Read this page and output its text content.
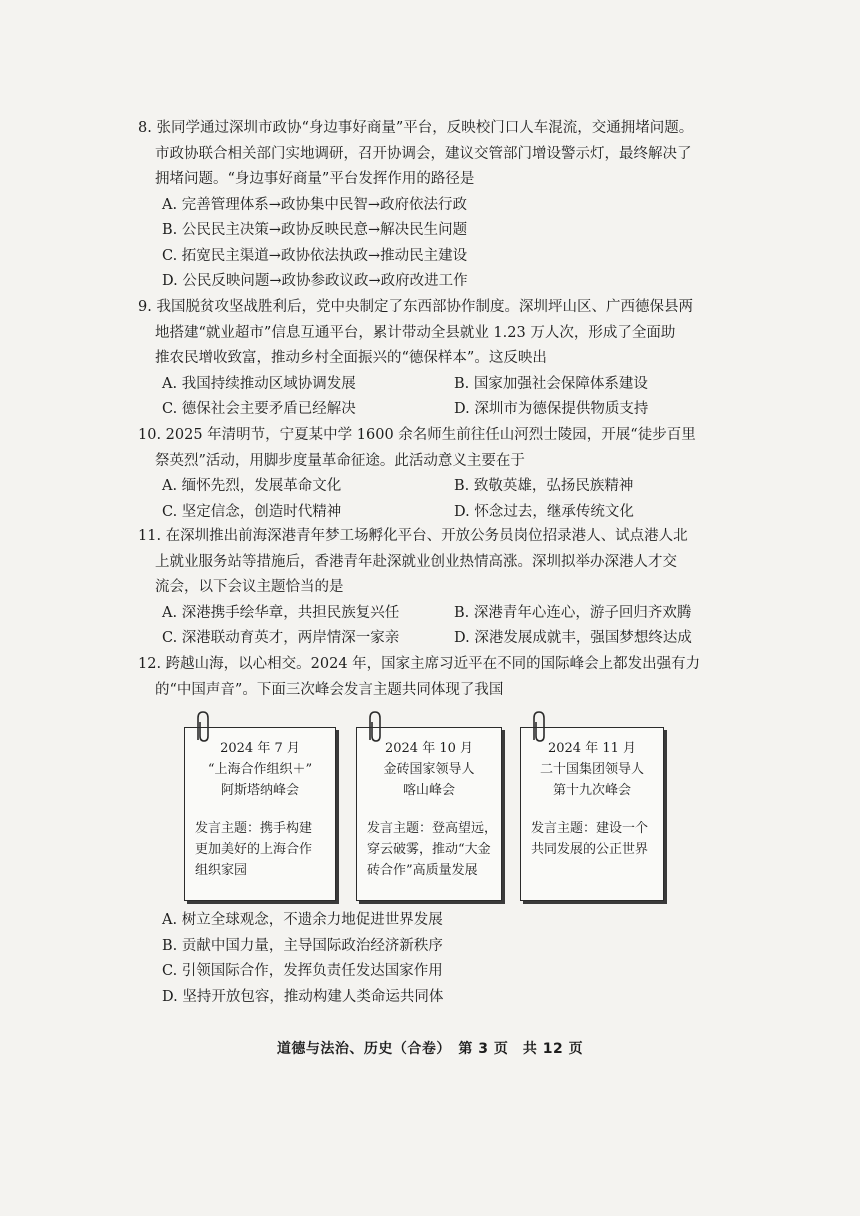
8. 张同学通过深圳市政协“身边事好商量”平台，反映校门口人车混流，交通拥堵问题。
市政协联合相关部门实地调研，召开协调会，建议交管部门增设警示灯，最终解决了
拥堵问题。“身边事好商量”平台发挥作用的路径是
A. 完善管理体系→政协集中民智→政府依法行政
B. 公民民主决策→政协反映民意→解决民生问题
C. 拓宽民主渠道→政协依法执政→推动民主建设
D. 公民反映问题→政协参政议政→政府改进工作
9. 我国脱贫攻坚战胜利后，党中央制定了东西部协作制度。深圳坪山区、广西德保县两
地搭建“就业超市”信息互通平台，累计带动全县就业 1.23 万人次，形成了全面助
推农民增收致富，推动乡村全面振兴的“德保样本”。这反映出
A. 我国持续推动区域协调发展	B. 国家加强社会保障体系建设
C. 德保社会主要矛盾已经解决	D. 深圳市为德保提供物质支持
10. 2025 年清明节，宁夏某中学 1600 余名师生前往任山河烈士陵园，开展“徒步百里
祭英烈”活动，用脚步度量革命征途。此活动意义主要在于
A. 缅怀先烈，发展革命文化	B. 致敬英雄，弘扬民族精神
C. 坚定信念，创造时代精神	D. 怀念过去，继承传统文化
11. 在深圳推出前海深港青年梦工场孵化平台、开放公务员岗位招录港人、试点港人北
上就业服务站等措施后，香港青年赴深就业创业热情高涨。深圳拟举办深港人才交
流会，以下会议主题恰当的是
A. 深港携手绘华章，共担民族复兴任	B. 深港青年心连心，游子回归齐欢腾
C. 深港联动育英才，两岸情深一家亲	D. 深港发展成就丰，强国梦想终达成
12. 跨越山海，以心相交。2024 年，国家主席习近平在不同的国际峰会上都发出强有力
的“中国声音”。下面三次峰会发言主题共同体现了我国
2024 年 7 月
“上海合作组织＋”
阿斯塔纳峰会
发言主题：携手构建
更加美好的上海合作
组织家园
2024 年 10 月
金砖国家领导人
喀山峰会
发言主题：登高望远，
穿云破雾，推动“大金
砖合作”高质量发展
2024 年 11 月
二十国集团领导人
第十九次峰会
发言主题：建设一个
共同发展的公正世界
A. 树立全球观念，不遗余力地促进世界发展
B. 贡献中国力量，主导国际政治经济新秩序
C. 引领国际合作，发挥负责任发达国家作用
D. 坚持开放包容，推动构建人类命运共同体
道德与法治、历史（合卷）　第 3 页　共 12 页
